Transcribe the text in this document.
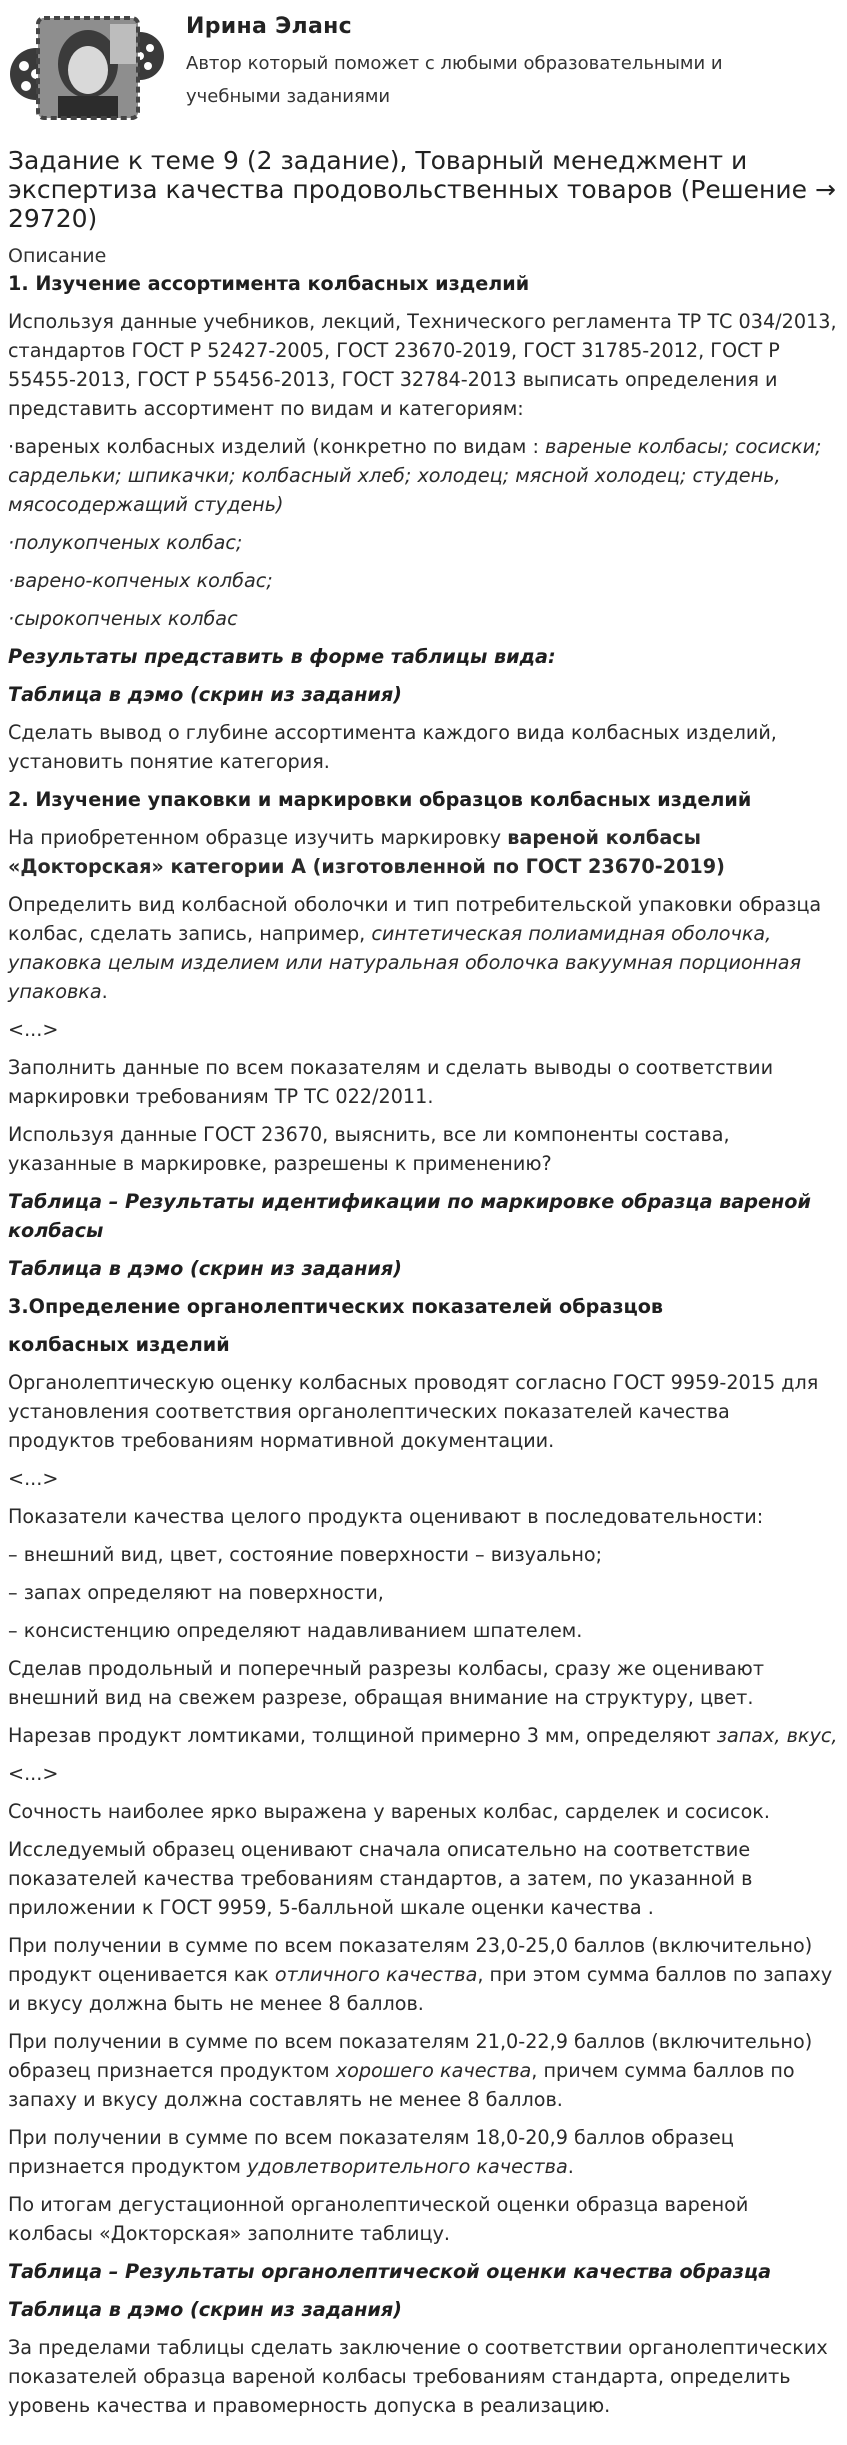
Ирина Эланс
Автор который поможет с любыми образовательными и учебными заданиями
Задание к теме 9 (2 задание), Товарный менеджмент и экспертиза качества продовольственных товаров (Решение → 29720)
Описание

1. Изучение ассортимента колбасных изделий

Используя данные учебников, лекций, Технического регламента ТР ТС 034/2013, стандартов ГОСТ Р 52427-2005, ГОСТ 23670-2019, ГОСТ 31785-2012, ГОСТ Р 55455-2013, ГОСТ Р 55456-2013, ГОСТ 32784-2013 выписать определения и представить ассортимент по видам и категориям:

·вареных колбасных изделий (конкретно по видам : вареные колбасы; сосиски; сардельки; шпикачки; колбасный хлеб; холодец; мясной холодец; студень, мясосодержащий студень)

·полукопченых колбас;

·варено-копченых колбас;

·сырокопченых колбас

Результаты представить в форме таблицы вида:

Таблица в дэмо (скрин из задания)

Сделать вывод о глубине ассортимента каждого вида колбасных изделий, установить понятие категория.

2. Изучение упаковки и маркировки образцов колбасных изделий

На приобретенном образце изучить маркировку вареной колбасы «Докторская» категории А (изготовленной по ГОСТ 23670-2019)

Определить вид колбасной оболочки и тип потребительской упаковки образца колбас, сделать запись, например, синтетическая полиамидная оболочка, упаковка целым изделием или натуральная оболочка вакуумная порционная упаковка.

<...>

Заполнить данные по всем показателям и сделать выводы о соответствии маркировки требованиям ТР ТС 022/2011.

Используя данные ГОСТ 23670, выяснить, все ли компоненты состава, указанные в маркировке, разрешены к применению?

Таблица – Результаты идентификации по маркировке образца вареной колбасы

Таблица в дэмо (скрин из задания)

3.Определение органолептических показателей образцов

колбасных изделий

Органолептическую оценку колбасных проводят согласно ГОСТ 9959-2015 для установления соответствия органолептических показателей качества продуктов требованиям нормативной документации.

<...>

Показатели качества целого продукта оценивают в последовательности:

– внешний вид, цвет, состояние поверхности – визуально;

– запах определяют на поверхности,

– консистенцию определяют надавливанием шпателем.

Сделав продольный и поперечный разрезы колбасы, сразу же оценивают внешний вид на свежем разрезе, обращая внимание на структуру, цвет.

Нарезав продукт ломтиками, толщиной примерно 3 мм, определяют запах, вкус,

<...>

Сочность наиболее ярко выражена у вареных колбас, сарделек и сосисок.

Исследуемый образец оценивают сначала описательно на соответствие показателей качества требованиям стандартов, а затем, по указанной в приложении к ГОСТ 9959, 5-балльной шкале оценки качества .

При получении в сумме по всем показателям 23,0-25,0 баллов (включительно) продукт оценивается как отличного качества, при этом сумма баллов по запаху и вкусу должна быть не менее 8 баллов.

При получении в сумме по всем показателям 21,0-22,9 баллов (включительно) образец признается продуктом хорошего качества, причем сумма баллов по запаху и вкусу должна составлять не менее 8 баллов.

При получении в сумме по всем показателям 18,0-20,9 баллов образец признается продуктом удовлетворительного качества.

По итогам дегустационной органолептической оценки образца вареной колбасы «Докторская» заполните таблицу.

Таблица – Результаты органолептической оценки качества образца

Таблица в дэмо (скрин из задания)

За пределами таблицы сделать заключение о соответствии органолептических показателей образца вареной колбасы требованиям стандарта, определить уровень качества и правомерность допуска в реализацию.
